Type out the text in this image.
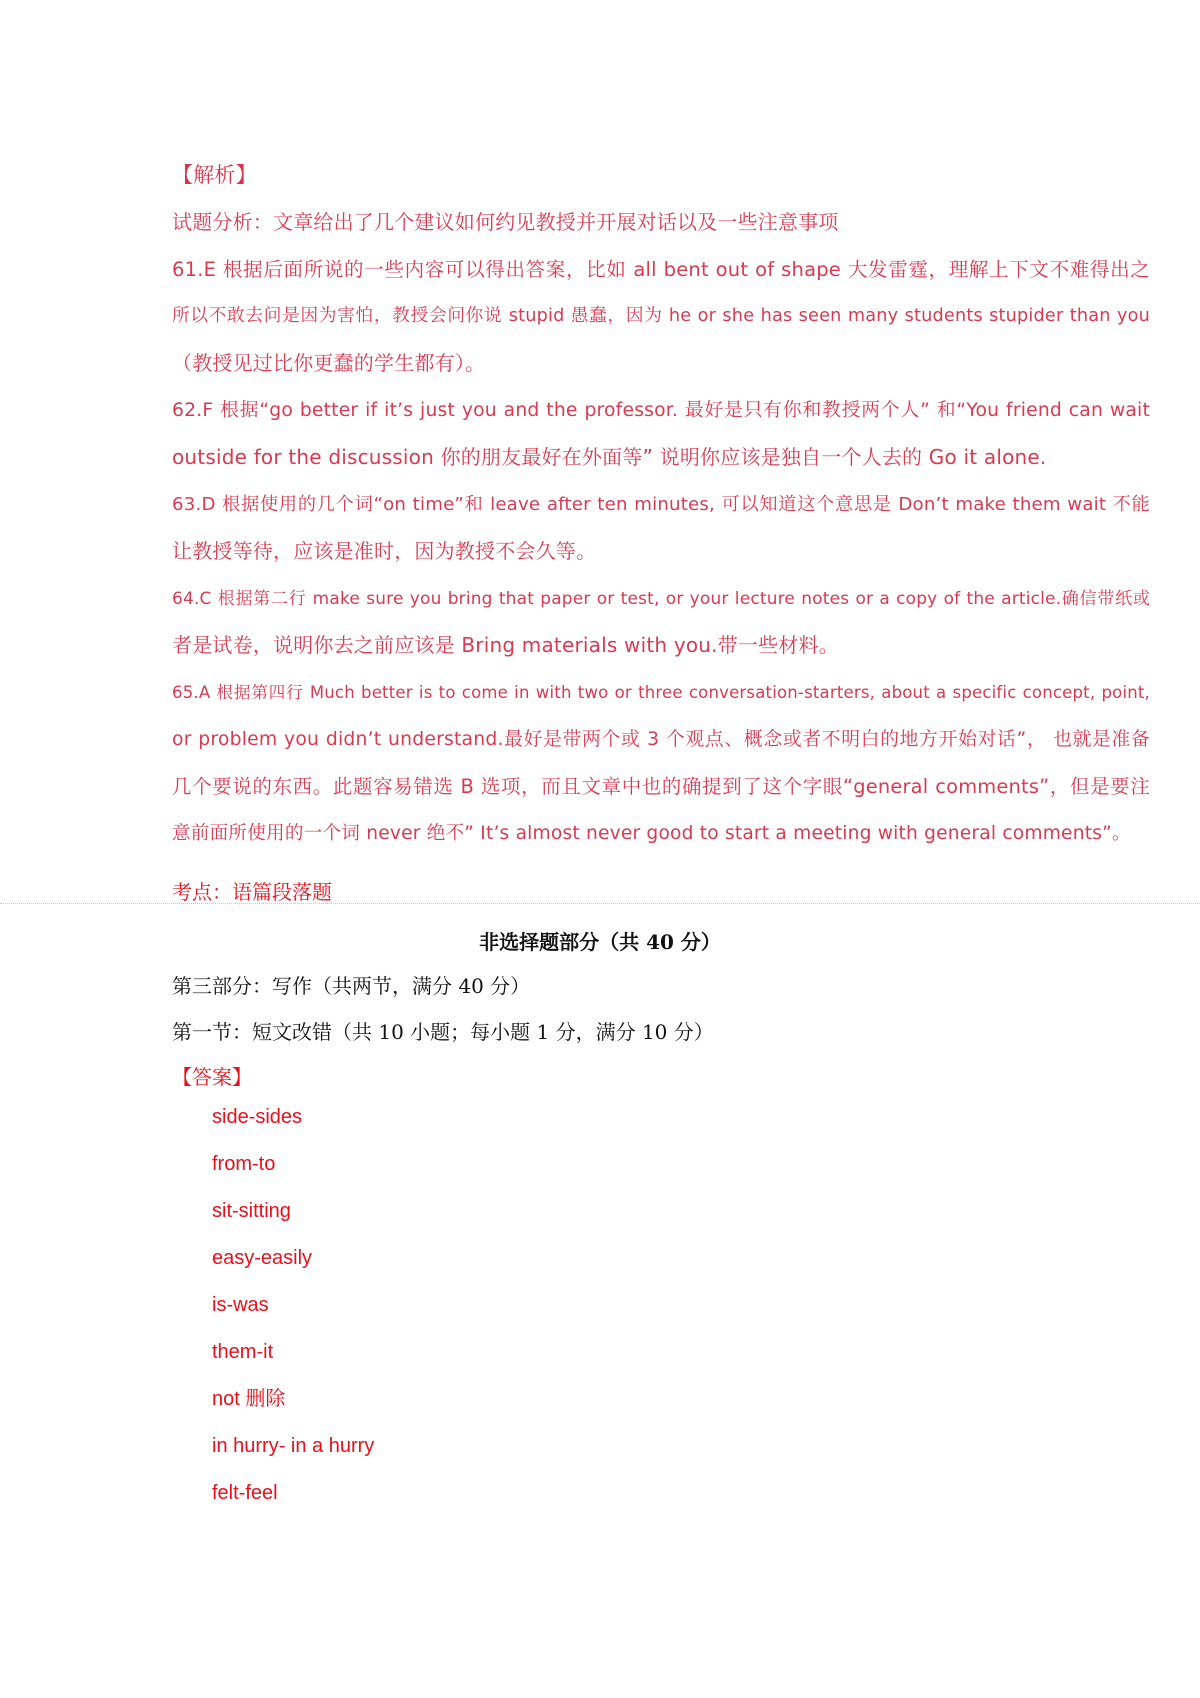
【解析】
试题分析：文章给出了几个建议如何约见教授并开展对话以及一些注意事项
61.E 根据后面所说的一些内容可以得出答案，比如 all bent out of shape 大发雷霆，理解上下文不难得出之
所以不敢去问是因为害怕，教授会问你说 stupid 愚蠢，因为 he or she has seen many students stupider than you
（教授见过比你更蠢的学生都有）。
62.F 根据“go better if it’s just you and the professor. 最好是只有你和教授两个人” 和“You friend can wait
outside for the discussion 你的朋友最好在外面等” 说明你应该是独自一个人去的 Go it alone.
63.D 根据使用的几个词“on time”和 leave after ten minutes, 可以知道这个意思是 Don’t make them wait 不能
让教授等待，应该是准时，因为教授不会久等。
64.C 根据第二行 make sure you bring that paper or test, or your lecture notes or a copy of the article.确信带纸或
者是试卷，说明你去之前应该是 Bring materials with you.带一些材料。
65.A 根据第四行 Much better is to come in with two or three conversation-starters, about a specific concept, point,
or problem you didn’t understand.最好是带两个或 3 个观点、概念或者不明白的地方开始对话”， 也就是准备
几个要说的东西。此题容易错选 B 选项，而且文章中也的确提到了这个字眼“general comments”，但是要注
意前面所使用的一个词 never 绝不” It’s almost never good to start a meeting with general comments”。
考点：语篇段落题
非选择题部分（共 40 分）
第三部分：写作（共两节，满分 40 分）
第一节：短文改错（共 10 小题；每小题 1 分，满分 10 分）
【答案】
side-sides
from-to
sit-sitting
easy-easily
is-was
them-it
not 删除
in hurry- in a hurry
felt-feel
